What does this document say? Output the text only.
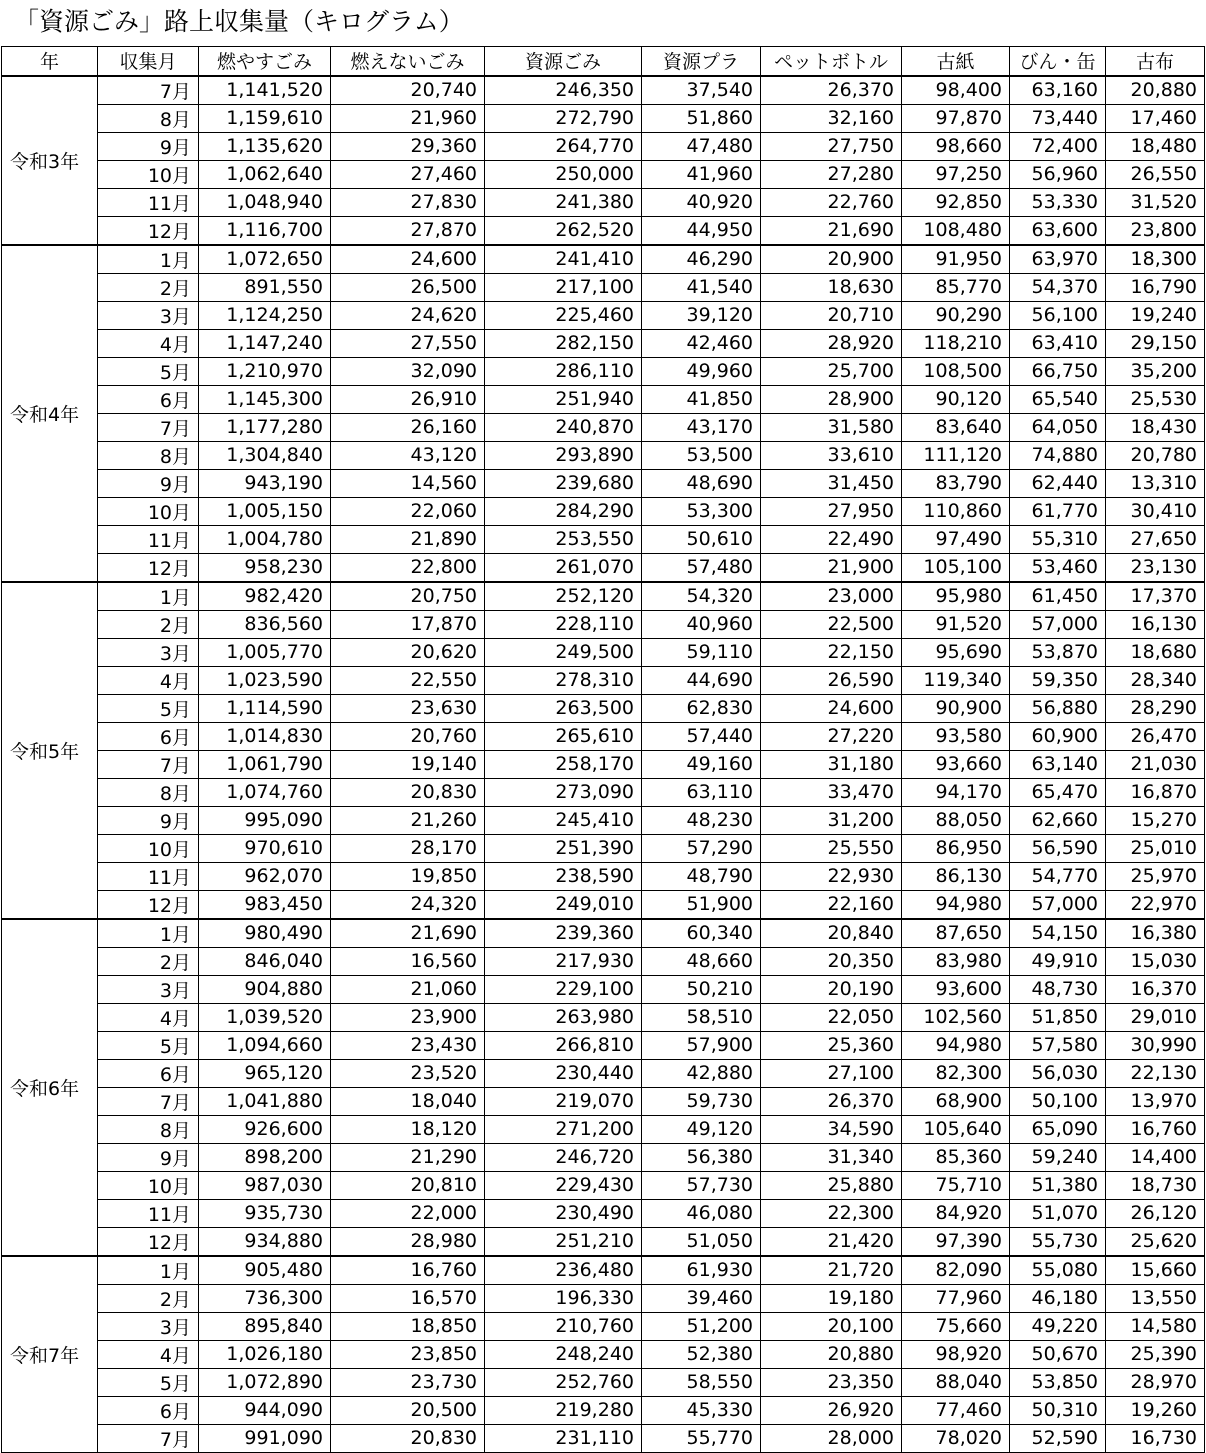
「資源ごみ」路上収集量（キログラム）
年	収集月	燃やすごみ	燃えないごみ	資源ごみ	資源プラ	ペットボトル	古紙	びん・缶	古布
令和3年	7月	1,141,520	20,740	246,350	37,540	26,370	98,400	63,160	20,880
	8月	1,159,610	21,960	272,790	51,860	32,160	97,870	73,440	17,460
	9月	1,135,620	29,360	264,770	47,480	27,750	98,660	72,400	18,480
	10月	1,062,640	27,460	250,000	41,960	27,280	97,250	56,960	26,550
	11月	1,048,940	27,830	241,380	40,920	22,760	92,850	53,330	31,520
	12月	1,116,700	27,870	262,520	44,950	21,690	108,480	63,600	23,800
令和4年	1月	1,072,650	24,600	241,410	46,290	20,900	91,950	63,970	18,300
	2月	891,550	26,500	217,100	41,540	18,630	85,770	54,370	16,790
	3月	1,124,250	24,620	225,460	39,120	20,710	90,290	56,100	19,240
	4月	1,147,240	27,550	282,150	42,460	28,920	118,210	63,410	29,150
	5月	1,210,970	32,090	286,110	49,960	25,700	108,500	66,750	35,200
	6月	1,145,300	26,910	251,940	41,850	28,900	90,120	65,540	25,530
	7月	1,177,280	26,160	240,870	43,170	31,580	83,640	64,050	18,430
	8月	1,304,840	43,120	293,890	53,500	33,610	111,120	74,880	20,780
	9月	943,190	14,560	239,680	48,690	31,450	83,790	62,440	13,310
	10月	1,005,150	22,060	284,290	53,300	27,950	110,860	61,770	30,410
	11月	1,004,780	21,890	253,550	50,610	22,490	97,490	55,310	27,650
	12月	958,230	22,800	261,070	57,480	21,900	105,100	53,460	23,130
令和5年	1月	982,420	20,750	252,120	54,320	23,000	95,980	61,450	17,370
	2月	836,560	17,870	228,110	40,960	22,500	91,520	57,000	16,130
	3月	1,005,770	20,620	249,500	59,110	22,150	95,690	53,870	18,680
	4月	1,023,590	22,550	278,310	44,690	26,590	119,340	59,350	28,340
	5月	1,114,590	23,630	263,500	62,830	24,600	90,900	56,880	28,290
	6月	1,014,830	20,760	265,610	57,440	27,220	93,580	60,900	26,470
	7月	1,061,790	19,140	258,170	49,160	31,180	93,660	63,140	21,030
	8月	1,074,760	20,830	273,090	63,110	33,470	94,170	65,470	16,870
	9月	995,090	21,260	245,410	48,230	31,200	88,050	62,660	15,270
	10月	970,610	28,170	251,390	57,290	25,550	86,950	56,590	25,010
	11月	962,070	19,850	238,590	48,790	22,930	86,130	54,770	25,970
	12月	983,450	24,320	249,010	51,900	22,160	94,980	57,000	22,970
令和6年	1月	980,490	21,690	239,360	60,340	20,840	87,650	54,150	16,380
	2月	846,040	16,560	217,930	48,660	20,350	83,980	49,910	15,030
	3月	904,880	21,060	229,100	50,210	20,190	93,600	48,730	16,370
	4月	1,039,520	23,900	263,980	58,510	22,050	102,560	51,850	29,010
	5月	1,094,660	23,430	266,810	57,900	25,360	94,980	57,580	30,990
	6月	965,120	23,520	230,440	42,880	27,100	82,300	56,030	22,130
	7月	1,041,880	18,040	219,070	59,730	26,370	68,900	50,100	13,970
	8月	926,600	18,120	271,200	49,120	34,590	105,640	65,090	16,760
	9月	898,200	21,290	246,720	56,380	31,340	85,360	59,240	14,400
	10月	987,030	20,810	229,430	57,730	25,880	75,710	51,380	18,730
	11月	935,730	22,000	230,490	46,080	22,300	84,920	51,070	26,120
	12月	934,880	28,980	251,210	51,050	21,420	97,390	55,730	25,620
令和7年	1月	905,480	16,760	236,480	61,930	21,720	82,090	55,080	15,660
	2月	736,300	16,570	196,330	39,460	19,180	77,960	46,180	13,550
	3月	895,840	18,850	210,760	51,200	20,100	75,660	49,220	14,580
	4月	1,026,180	23,850	248,240	52,380	20,880	98,920	50,670	25,390
	5月	1,072,890	23,730	252,760	58,550	23,350	88,040	53,850	28,970
	6月	944,090	20,500	219,280	45,330	26,920	77,460	50,310	19,260
	7月	991,090	20,830	231,110	55,770	28,000	78,020	52,590	16,730
